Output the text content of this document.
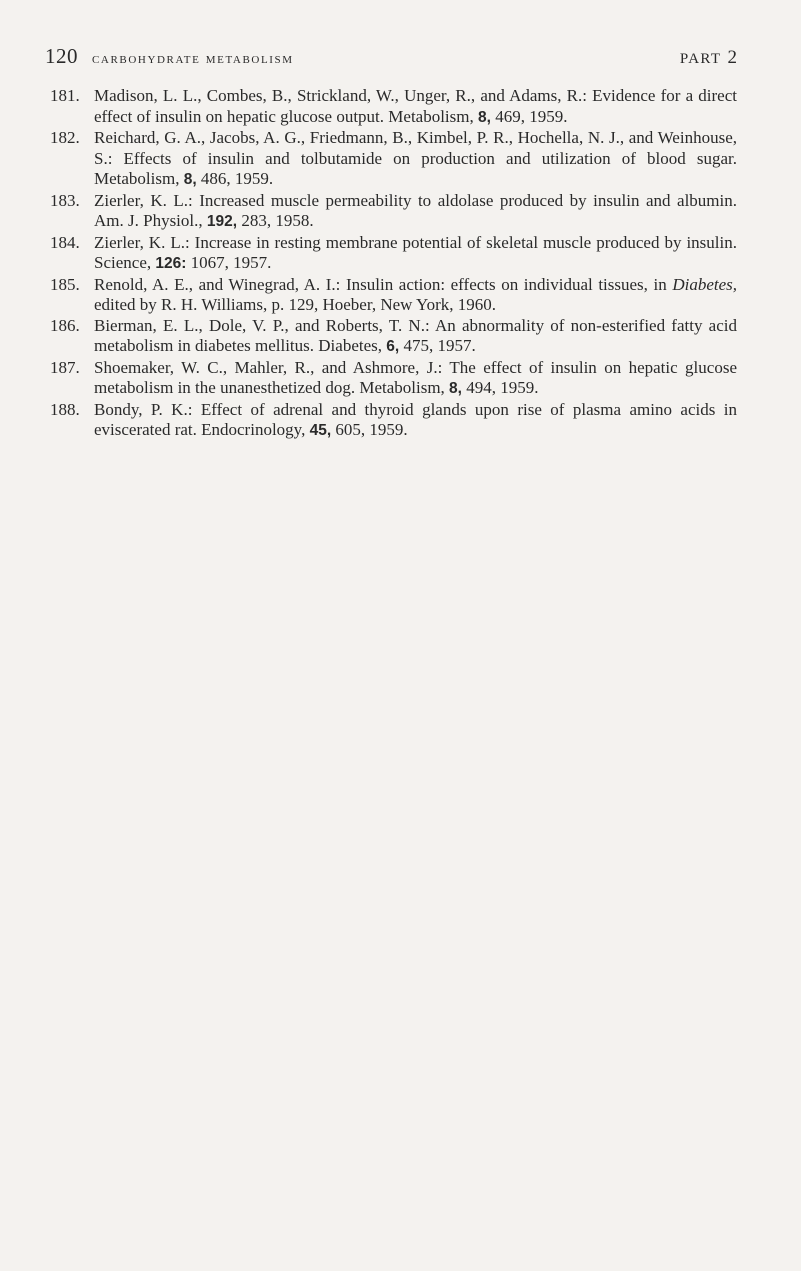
120 carbohydrate metabolism	PART 2
181. Madison, L. L., Combes, B., Strickland, W., Unger, R., and Adams, R.: Evidence for a direct effect of insulin on hepatic glucose output. Metabolism, 8, 469, 1959.
182. Reichard, G. A., Jacobs, A. G., Friedmann, B., Kimbel, P. R., Hochella, N. J., and Weinhouse, S.: Effects of insulin and tolbutamide on production and utilization of blood sugar. Metabolism, 8, 486, 1959.
183. Zierler, K. L.: Increased muscle permeability to aldolase produced by insulin and albumin. Am. J. Physiol., 192, 283, 1958.
184. Zierler, K. L.: Increase in resting membrane potential of skeletal muscle produced by insulin. Science, 126: 1067, 1957.
185. Renold, A. E., and Winegrad, A. I.: Insulin action: effects on individual tissues, in Diabetes, edited by R. H. Williams, p. 129, Hoeber, New York, 1960.
186. Bierman, E. L., Dole, V. P., and Roberts, T. N.: An abnormality of non-esterified fatty acid metabolism in diabetes mellitus. Diabetes, 6, 475, 1957.
187. Shoemaker, W. C., Mahler, R., and Ashmore, J.: The effect of insulin on hepatic glucose metabolism in the unanesthetized dog. Metabolism, 8, 494, 1959.
188. Bondy, P. K.: Effect of adrenal and thyroid glands upon rise of plasma amino acids in eviscerated rat. Endocrinology, 45, 605, 1959.
